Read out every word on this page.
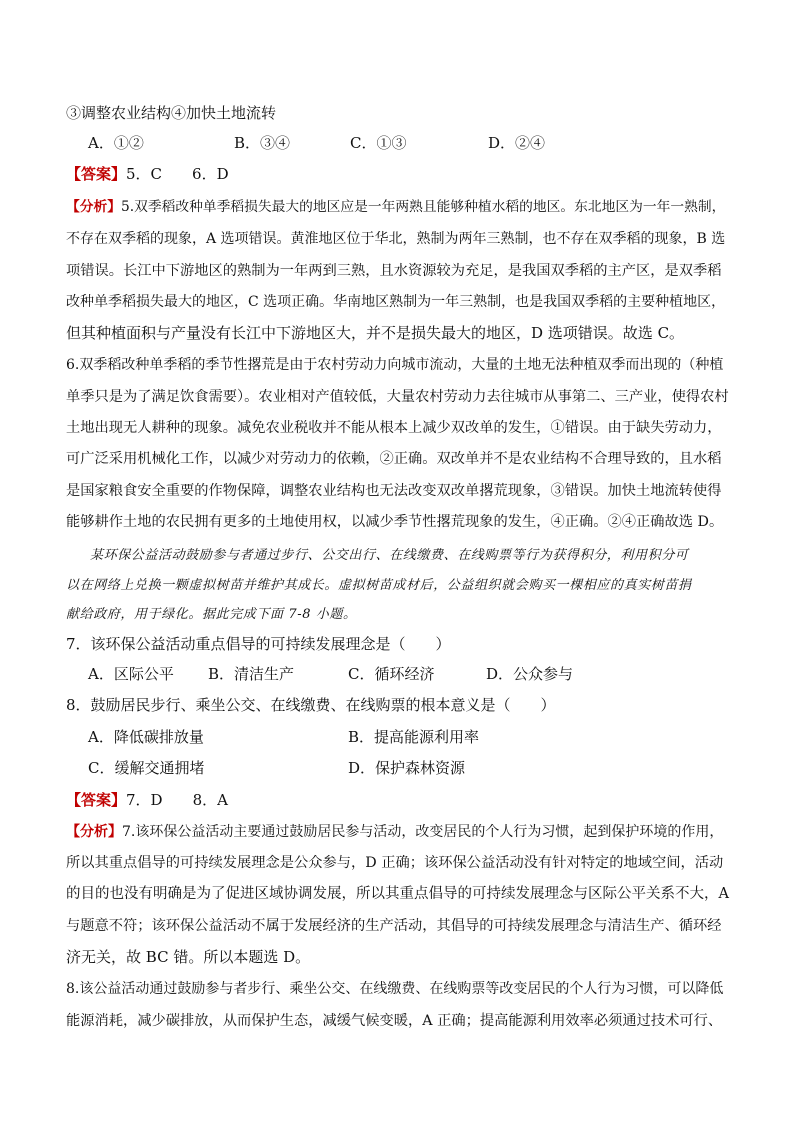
③调整农业结构④加快土地流转
A．①②	B．③④	C．①③	D．②④
【答案】5．C　　6．D
【分析】5.双季稻改种单季稻损失最大的地区应是一年两熟且能够种植水稻的地区。东北地区为一年一熟制，
不存在双季稻的现象，A 选项错误。黄淮地区位于华北，熟制为两年三熟制，也不存在双季稻的现象，B 选
项错误。长江中下游地区的熟制为一年两到三熟，且水资源较为充足，是我国双季稻的主产区，是双季稻
改种单季稻损失最大的地区，C 选项正确。华南地区熟制为一年三熟制，也是我国双季稻的主要种植地区，
但其种植面积与产量没有长江中下游地区大，并不是损失最大的地区，D 选项错误。故选 C。
6.双季稻改种单季稻的季节性撂荒是由于农村劳动力向城市流动，大量的土地无法种植双季而出现的（种植
单季只是为了满足饮食需要）。农业相对产值较低，大量农村劳动力去往城市从事第二、三产业，使得农村
土地出现无人耕种的现象。减免农业税收并不能从根本上减少双改单的发生，①错误。由于缺失劳动力，
可广泛采用机械化工作，以减少对劳动力的依赖，②正确。双改单并不是农业结构不合理导致的，且水稻
是国家粮食安全重要的作物保障，调整农业结构也无法改变双改单撂荒现象，③错误。加快土地流转使得
能够耕作土地的农民拥有更多的土地使用权，以减少季节性撂荒现象的发生，④正确。②④正确故选 D。
某环保公益活动鼓励参与者通过步行、公交出行、在线缴费、在线购票等行为获得积分，利用积分可
以在网络上兑换一颗虚拟树苗并维护其成长。虚拟树苗成材后，公益组织就会购买一棵相应的真实树苗捐
献给政府，用于绿化。据此完成下面 7-8 小题。
7．该环保公益活动重点倡导的可持续发展理念是（　　）
A．区际公平 B．清洁生产	C．循环经济	D．公众参与
8．鼓励居民步行、乘坐公交、在线缴费、在线购票的根本意义是（　　）
A．降低碳排放量	B．提高能源利用率
C．缓解交通拥堵	D．保护森林资源
【答案】7．D　　8．A
【分析】7.该环保公益活动主要通过鼓励居民参与活动，改变居民的个人行为习惯，起到保护环境的作用，
所以其重点倡导的可持续发展理念是公众参与，D 正确；该环保公益活动没有针对特定的地域空间，活动
的目的也没有明确是为了促进区域协调发展，所以其重点倡导的可持续发展理念与区际公平关系不大，A
与题意不符；该环保公益活动不属于发展经济的生产活动，其倡导的可持续发展理念与清洁生产、循环经
济无关，故 BC 错。所以本题选 D。
8.该公益活动通过鼓励参与者步行、乘坐公交、在线缴费、在线购票等改变居民的个人行为习惯，可以降低
能源消耗，减少碳排放，从而保护生态，减缓气候变暖，A 正确；提高能源利用效率必须通过技术可行、
